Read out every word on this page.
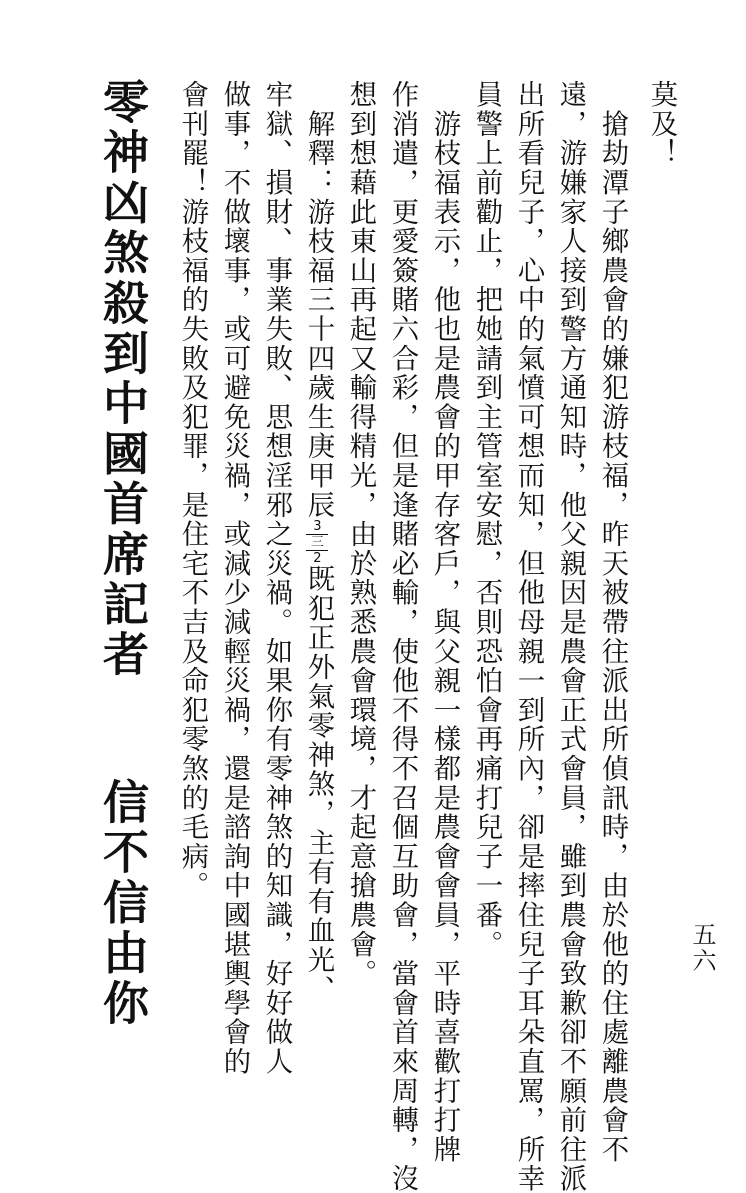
五六
莫及！
　搶劫潭子鄉農會的嫌犯游枝福，昨天被帶往派出所偵訊時，由於他的住處離農會不
遠，游嫌家人接到警方通知時，他父親因是農會正式會員，雖到農會致歉卻不願前往派
出所看兒子，心中的氣憤可想而知，但他母親一到所內，卻是摔住兒子耳朵直罵，所幸
員警上前勸止，把她請到主管室安慰，否則恐怕會再痛打兒子一番。
　游枝福表示，他也是農會的甲存客戶，與父親一樣都是農會會員，平時喜歡打打牌
作消遣，更愛簽賭六合彩，但是逢賭必輸，使他不得不召個互助會，當會首來周轉，沒
想到想藉此東山再起又輸得精光，由於熟悉農會環境，才起意搶農會。
　解釋：游枝福三十四歲生庚甲辰3
三
2既犯正外氣零神煞，主有有血光、
牢獄、損財、事業失敗、思想淫邪之災禍。如果你有零神煞的知識，好好做人
做事，不做壞事，或可避免災禍，或減少減輕災禍，還是諮詢中國堪輿學會的
會刊罷！游枝福的失敗及犯罪，是住宅不吉及命犯零煞的毛病。
零神凶煞殺到中國首席記者
信不信由你
